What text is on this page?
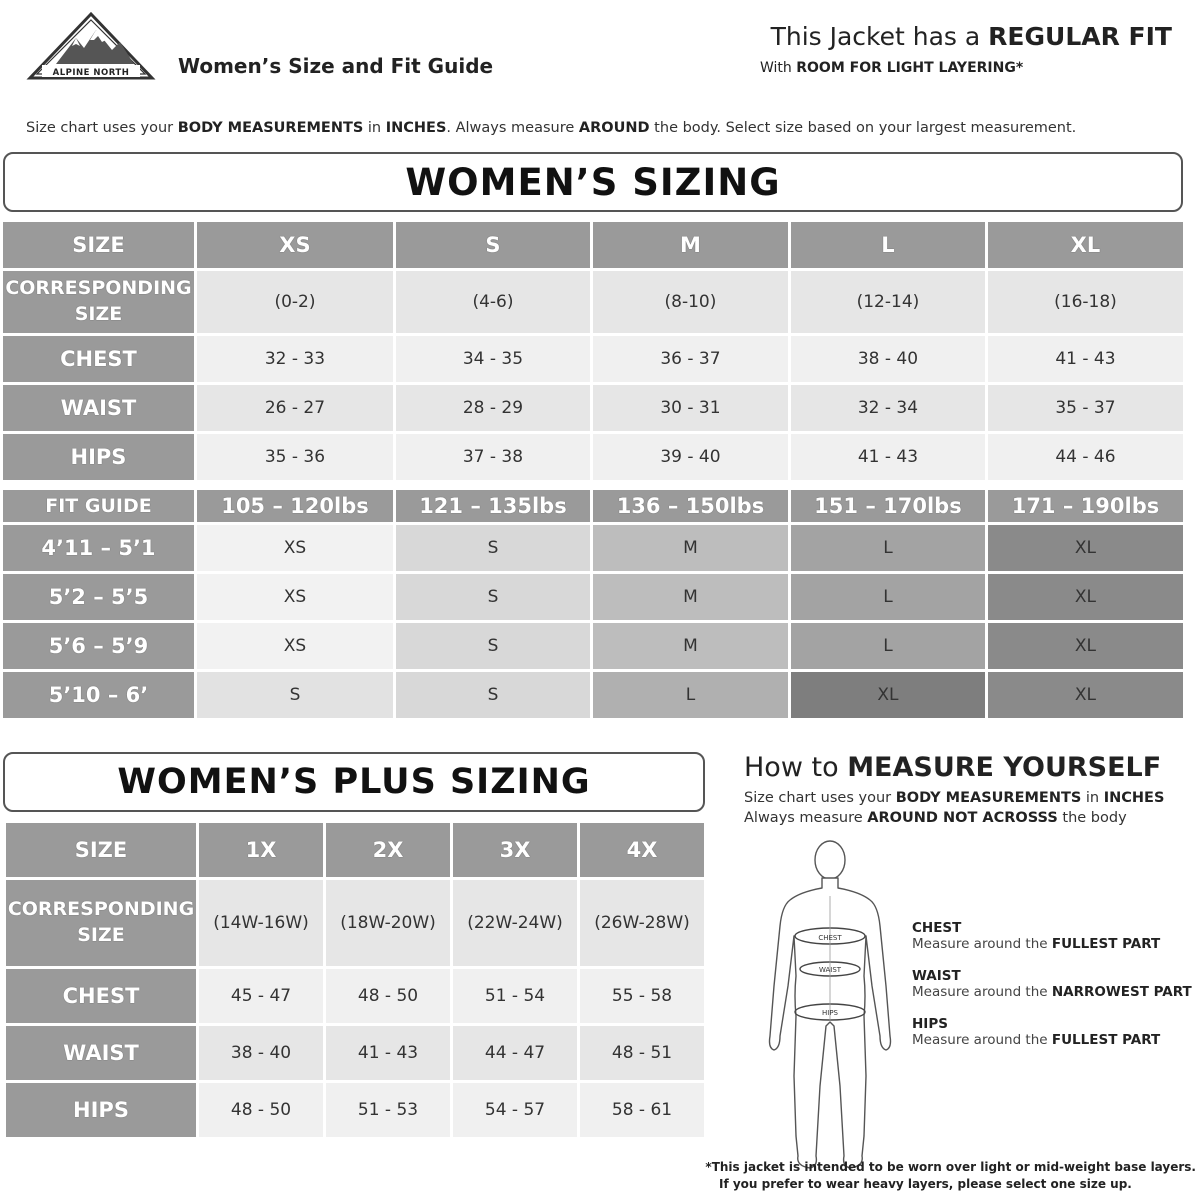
ALPINE NORTH Women’s Size and Fit Guide
This Jacket has a REGULAR FIT
With ROOM FOR LIGHT LAYERING*
Size chart uses your BODY MEASUREMENTS in INCHES. Always measure AROUND the body. Select size based on your largest measurement.
WOMEN’S SIZING
SIZE	XS	S	M	L	XL
CORRESPONDING SIZE	(0-2)	(4-6)	(8-10)	(12-14)	(16-18)
CHEST	32 - 33	34 - 35	36 - 37	38 - 40	41 - 43
WAIST	26 - 27	28 - 29	30 - 31	32 - 34	35 - 37
HIPS	35 - 36	37 - 38	39 - 40	41 - 43	44 - 46
FIT GUIDE	105 – 120lbs	121 – 135lbs	136 – 150lbs	151 – 170lbs	171 – 190lbs
4’11 – 5’1	XS	S	M	L	XL
5’2 – 5’5	XS	S	M	L	XL
5’6 – 5’9	XS	S	M	L	XL
5’10 – 6’	S	S	L	XL	XL
WOMEN’S PLUS SIZING
SIZE	1X	2X	3X	4X
CORRESPONDING SIZE	(14W-16W)	(18W-20W)	(22W-24W)	(26W-28W)
CHEST	45 - 47	48 - 50	51 - 54	55 - 58
WAIST	38 - 40	41 - 43	44 - 47	48 - 51
HIPS	48 - 50	51 - 53	54 - 57	58 - 61
How to MEASURE YOURSELF
Size chart uses your BODY MEASUREMENTS in INCHES
Always measure AROUND NOT ACROSSS the body
CHEST
WAIST
HIPS
CHEST
Measure around the FULLEST PART
WAIST
Measure around the NARROWEST PART
HIPS
Measure around the FULLEST PART
*This jacket is intended to be worn over light or mid-weight base layers.
If you prefer to wear heavy layers, please select one size up.
